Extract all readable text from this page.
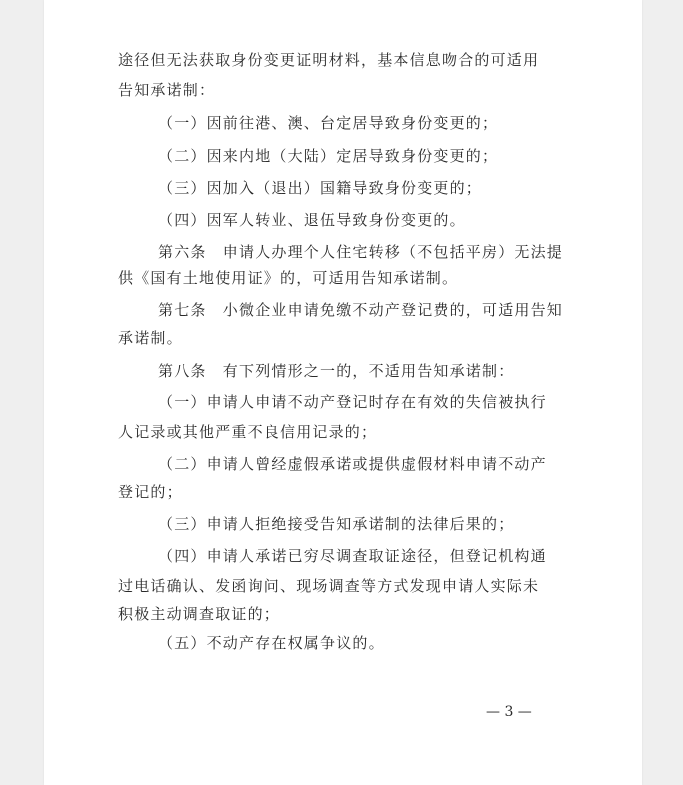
途径但无法获取身份变更证明材料，基本信息吻合的可适用
告知承诺制：
（一）因前往港、澳、台定居导致身份变更的；
（二）因来内地（大陆）定居导致身份变更的；
（三）因加入（退出）国籍导致身份变更的；
（四）因军人转业、退伍导致身份变更的。
第六条　申请人办理个人住宅转移（不包括平房）无法提
供《国有土地使用证》的，可适用告知承诺制。
第七条　小微企业申请免缴不动产登记费的，可适用告知
承诺制。
第八条　有下列情形之一的，不适用告知承诺制：
（一）申请人申请不动产登记时存在有效的失信被执行
人记录或其他严重不良信用记录的；
（二）申请人曾经虚假承诺或提供虚假材料申请不动产
登记的；
（三）申请人拒绝接受告知承诺制的法律后果的；
（四）申请人承诺已穷尽调查取证途径，但登记机构通
过电话确认、发函询问、现场调查等方式发现申请人实际未
积极主动调查取证的；
（五）不动产存在权属争议的。
— 3 —
